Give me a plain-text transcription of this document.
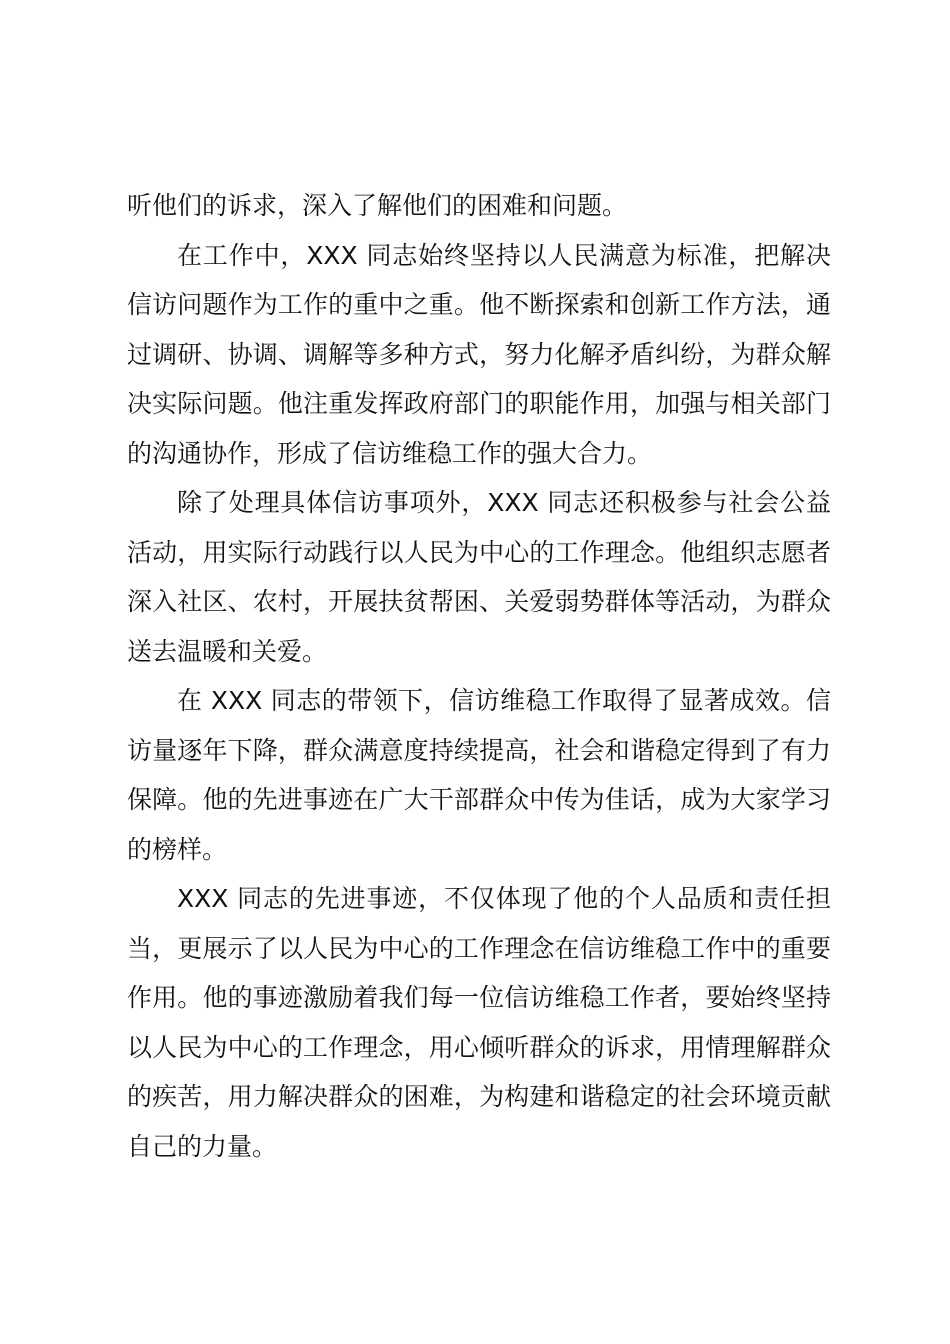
听他们的诉求，深入了解他们的困难和问题。

在工作中，XXX 同志始终坚持以人民满意为标准，把解决信访问题作为工作的重中之重。他不断探索和创新工作方法，通过调研、协调、调解等多种方式，努力化解矛盾纠纷，为群众解决实际问题。他注重发挥政府部门的职能作用，加强与相关部门的沟通协作，形成了信访维稳工作的强大合力。

除了处理具体信访事项外，XXX 同志还积极参与社会公益活动，用实际行动践行以人民为中心的工作理念。他组织志愿者深入社区、农村，开展扶贫帮困、关爱弱势群体等活动，为群众送去温暖和关爱。

在 XXX 同志的带领下，信访维稳工作取得了显著成效。信访量逐年下降，群众满意度持续提高，社会和谐稳定得到了有力保障。他的先进事迹在广大干部群众中传为佳话，成为大家学习的榜样。

XXX 同志的先进事迹，不仅体现了他的个人品质和责任担当，更展示了以人民为中心的工作理念在信访维稳工作中的重要作用。他的事迹激励着我们每一位信访维稳工作者，要始终坚持以人民为中心的工作理念，用心倾听群众的诉求，用情理解群众的疾苦，用力解决群众的困难，为构建和谐稳定的社会环境贡献自己的力量。
